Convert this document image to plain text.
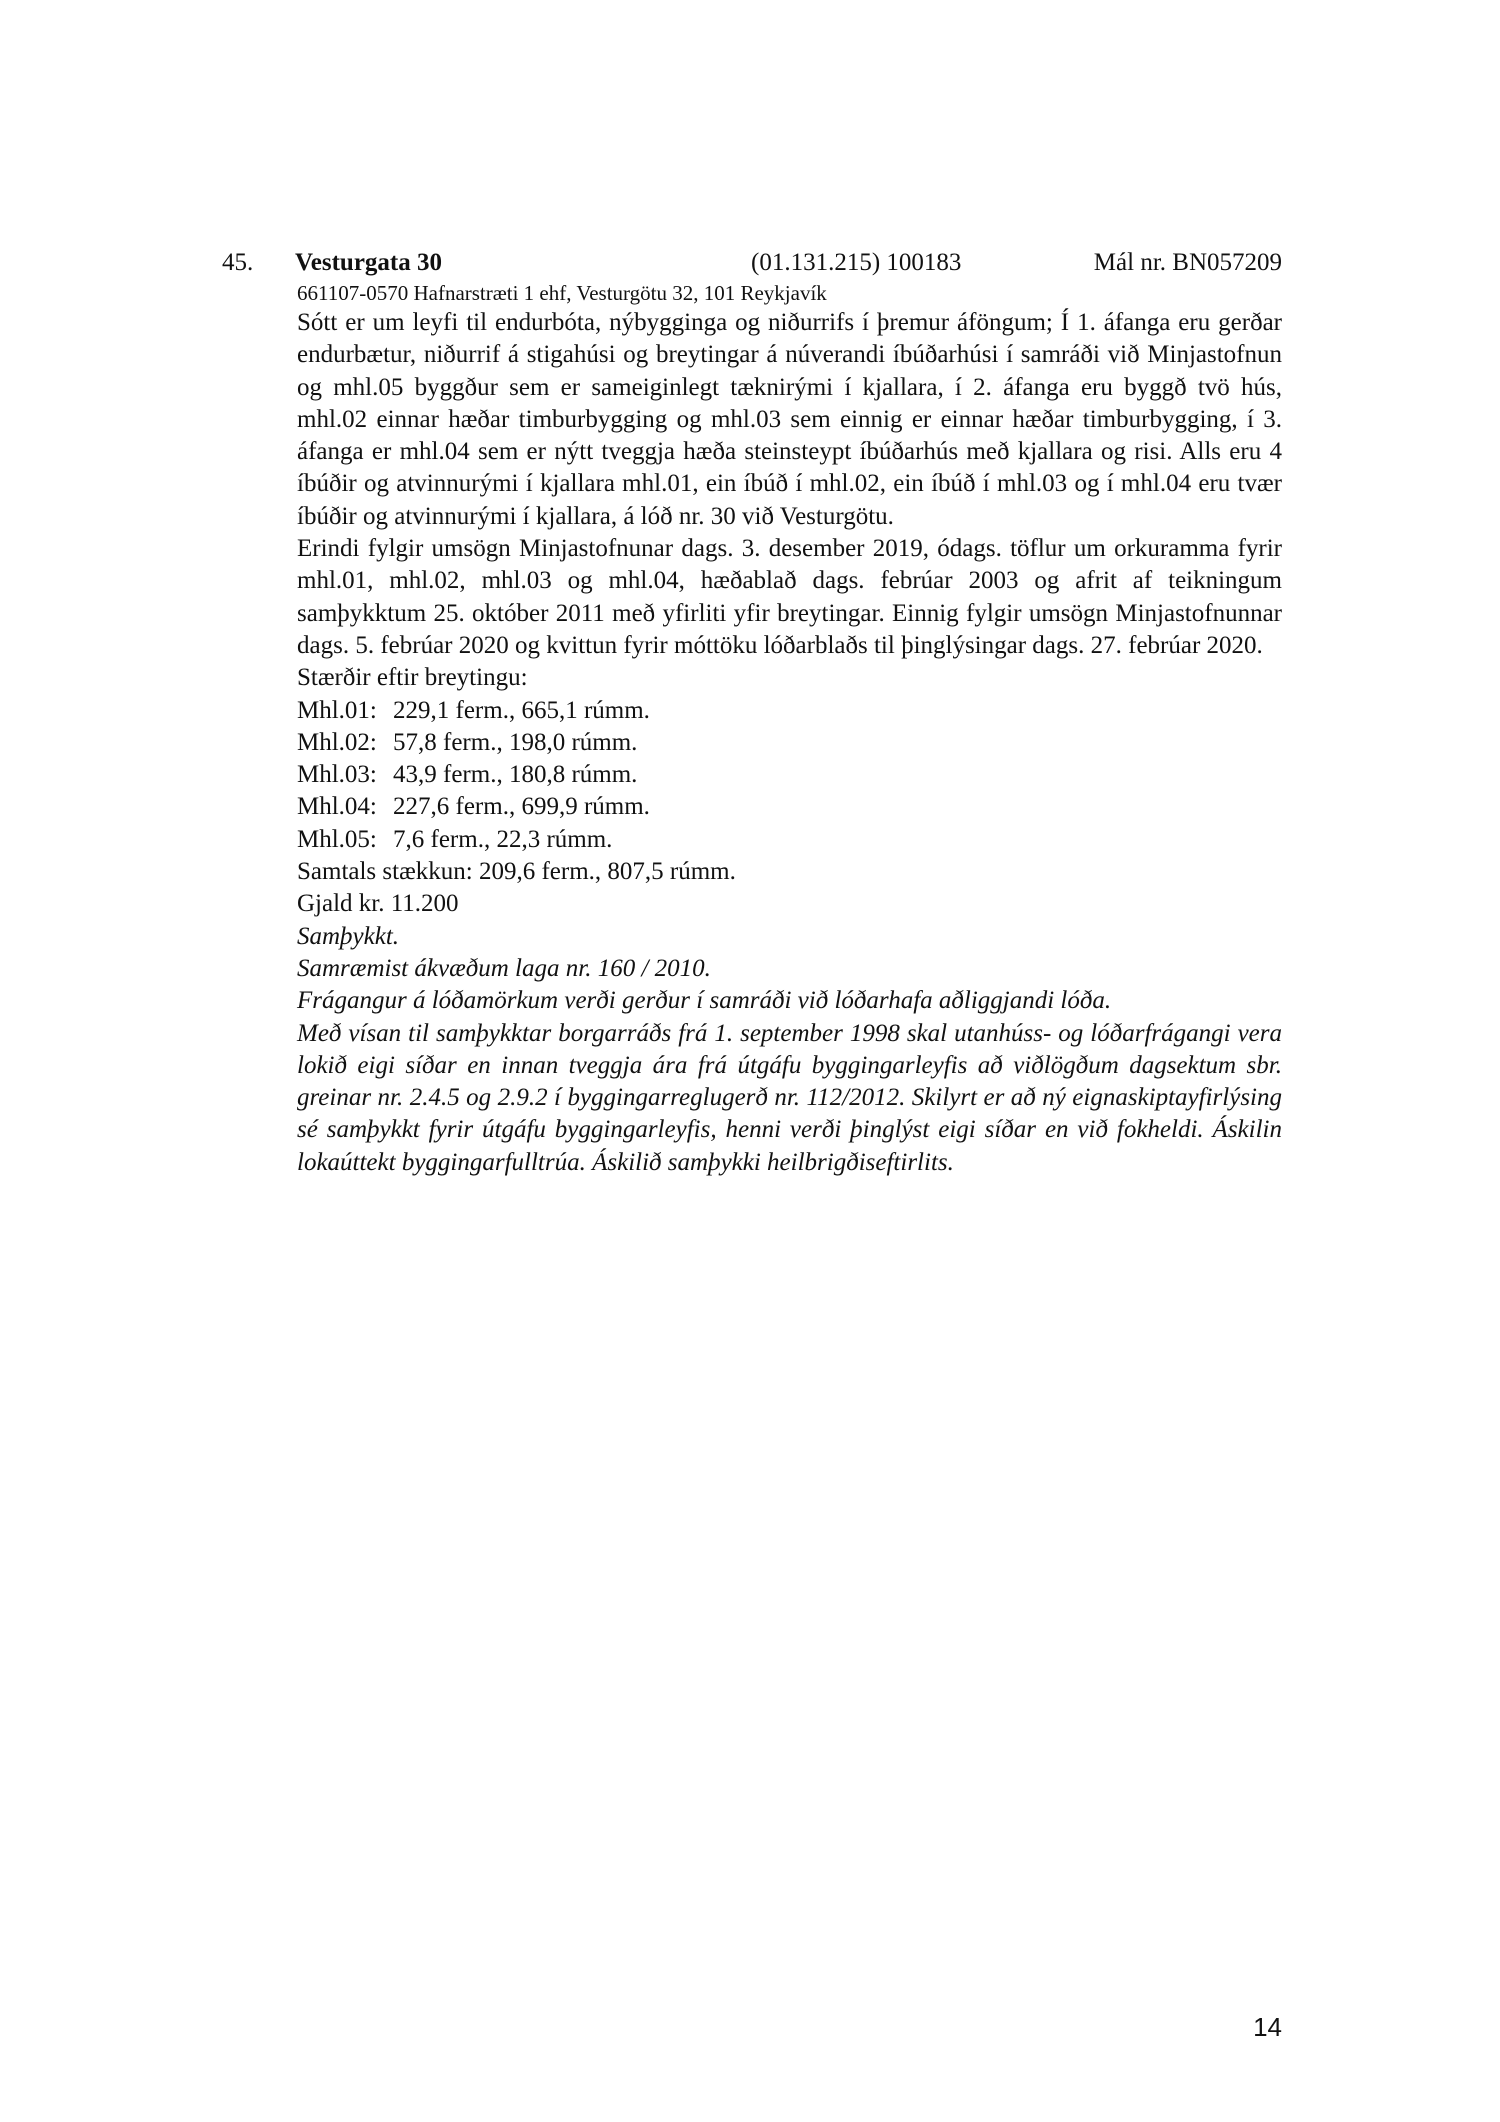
45. Vesturgata 30	(01.131.215) 100183	Mál nr. BN057209
661107-0570 Hafnarstræti 1 ehf, Vesturgötu 32, 101 Reykjavík

Sótt er um leyfi til endurbóta, nýbygginga og niðurrifs í þremur áföngum; Í 1. áfanga eru gerðar endurbætur, niðurrif á stigahúsi og breytingar á núverandi íbúðarhúsi í samráði við Minjastofnun og mhl.05 byggður sem er sameiginlegt tæknirými í kjallara, í 2. áfanga eru byggð tvö hús, mhl.02 einnar hæðar timburbygging og mhl.03 sem einnig er einnar hæðar timburbygging, í 3. áfanga er mhl.04 sem er nýtt tveggja hæða steinsteypt íbúðarhús með kjallara og risi. Alls eru 4 íbúðir og atvinnurými í kjallara mhl.01, ein íbúð í mhl.02, ein íbúð í mhl.03 og í mhl.04 eru tvær íbúðir og atvinnurými í kjallara, á lóð nr. 30 við Vesturgötu.

Erindi fylgir umsögn Minjastofnunar dags. 3. desember 2019, ódags. töflur um orkuramma fyrir mhl.01, mhl.02, mhl.03 og mhl.04, hæðablað dags. febrúar 2003 og afrit af teikningum samþykktum 25. október 2011 með yfirliti yfir breytingar. Einnig fylgir umsögn Minjastofnunnar dags. 5. febrúar 2020 og kvittun fyrir móttöku lóðarblaðs til þinglýsingar dags. 27. febrúar 2020.

Stærðir eftir breytingu:

Mhl.01: 229,1 ferm., 665,1 rúmm.

Mhl.02: 57,8 ferm., 198,0 rúmm.

Mhl.03: 43,9 ferm., 180,8 rúmm.

Mhl.04: 227,6 ferm., 699,9 rúmm.

Mhl.05: 7,6 ferm., 22,3 rúmm.

Samtals stækkun: 209,6 ferm., 807,5 rúmm.

Gjald kr. 11.200

Samþykkt.

Samræmist ákvæðum laga nr. 160 / 2010.

Frágangur á lóðamörkum verði gerður í samráði við lóðarhafa aðliggjandi lóða.

Með vísan til samþykktar borgarráðs frá 1. september 1998 skal utanhúss- og lóðarfrágangi vera lokið eigi síðar en innan tveggja ára frá útgáfu byggingarleyfis að viðlögðum dagsektum sbr. greinar nr. 2.4.5 og 2.9.2 í byggingarreglugerð nr. 112/2012. Skilyrt er að ný eignaskiptayfirlýsing sé samþykkt fyrir útgáfu byggingarleyfis, henni verði þinglýst eigi síðar en við fokheldi. Áskilin lokaúttekt byggingarfulltrúa. Áskilið samþykki heilbrigðiseftirlits.

14
